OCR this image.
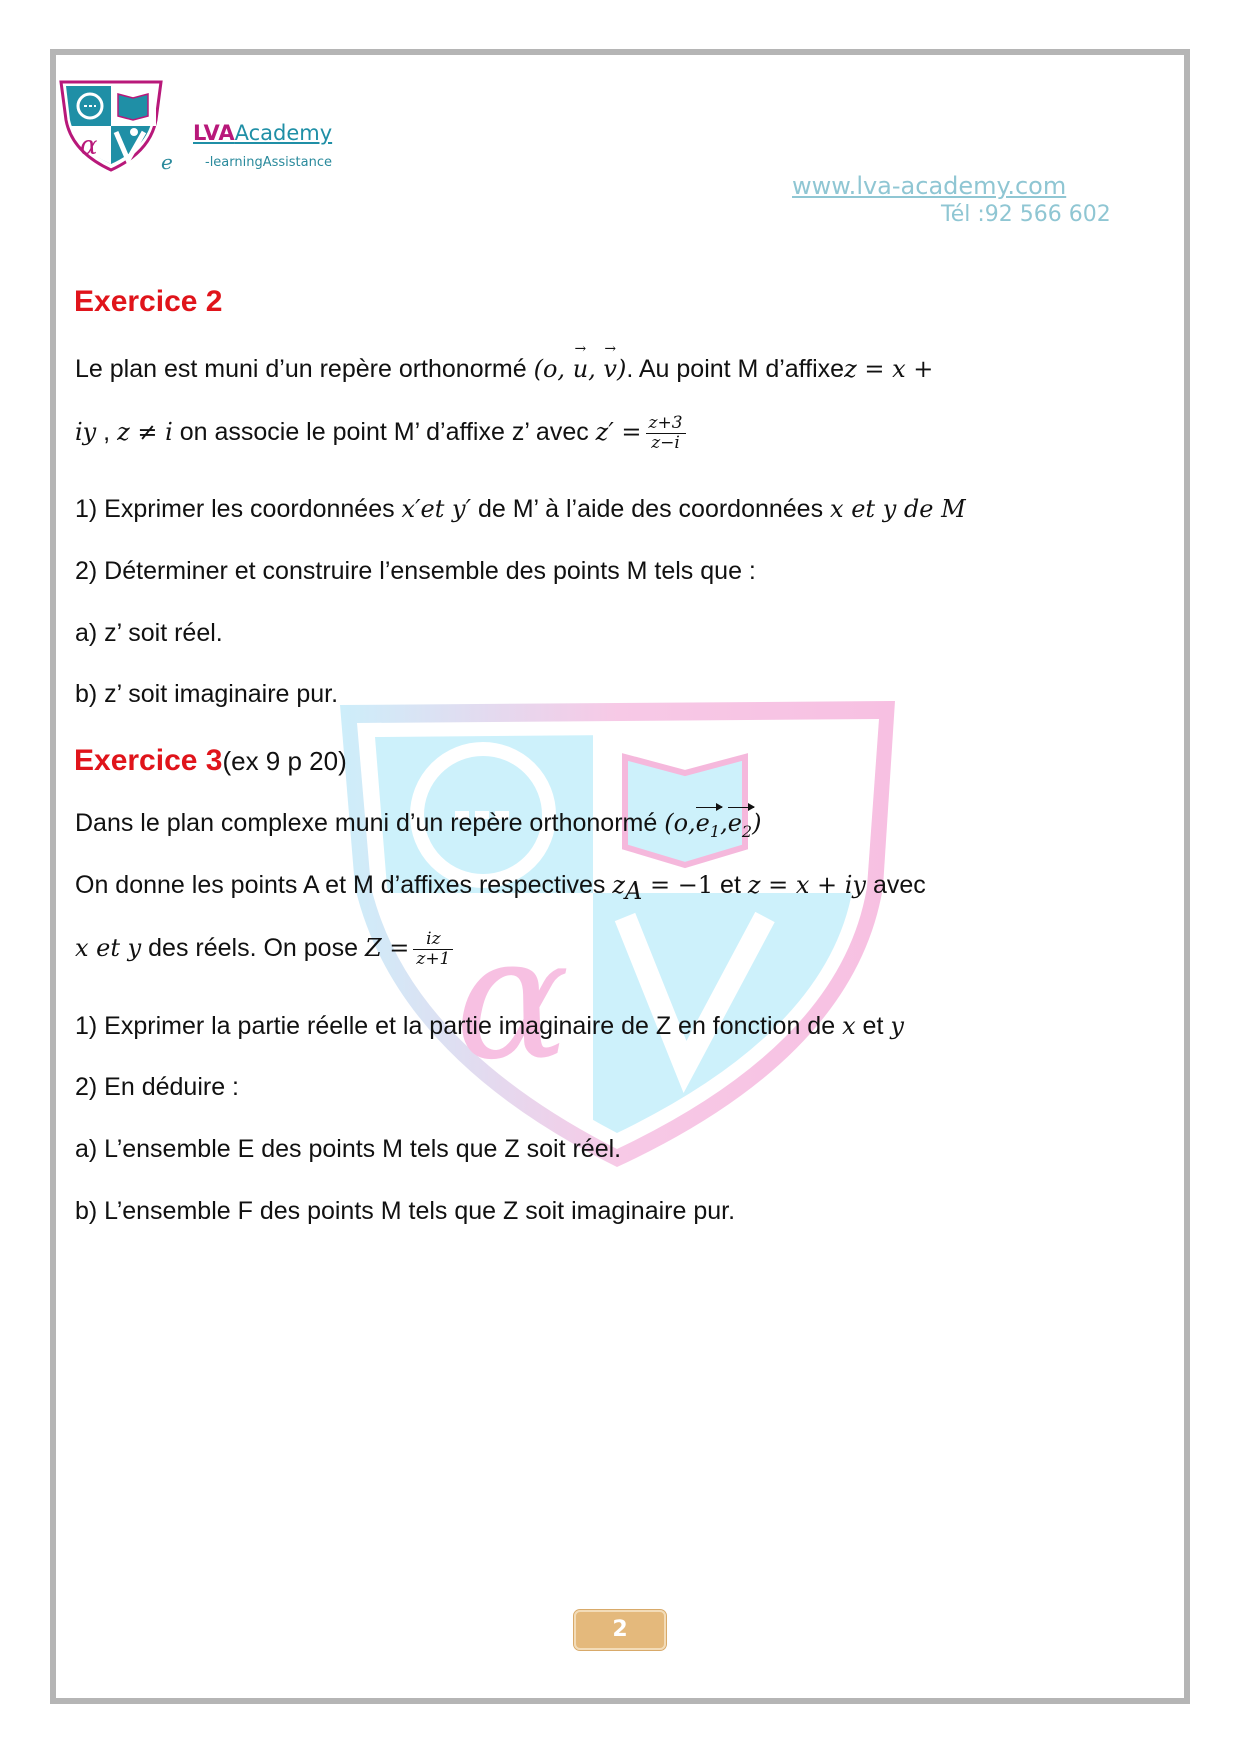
α
e
LVAAcademy
-learningAssistance
www.lva-academy.com
Tél :92 566 602
α
Exercice 2
Le plan est muni d’un repère orthonormé (o, → u, → v). Au point M d’affixez = x +
iy , z ≠ i on associe le point M’ d’affixe z’ avec $z' = \frac{z+3}{z-i}$
1) Exprimer les coordonnées x′et y′ de M’ à l’aide des coordonnées x et y de M
2) Déterminer et construire l’ensemble des points M tels que :
a) z’ soit réel.
b) z’ soit imaginaire pur.
Exercice 3(ex 9 p 20)
Dans le plan complexe muni d’un repère orthonormé $(o,e_1,e_2)$
On donne les points A et M d’affixes respectives $z_A = -1$ et z = x + iy avec
x et y des réels. On pose $Z = \frac{iz}{z+1}$
1) Exprimer la partie réelle et la partie imaginaire de Z en fonction de x et y
2) En déduire :
a) L’ensemble E des points M tels que Z soit réel.
b) L’ensemble F des points M tels que Z soit imaginaire pur.
2
